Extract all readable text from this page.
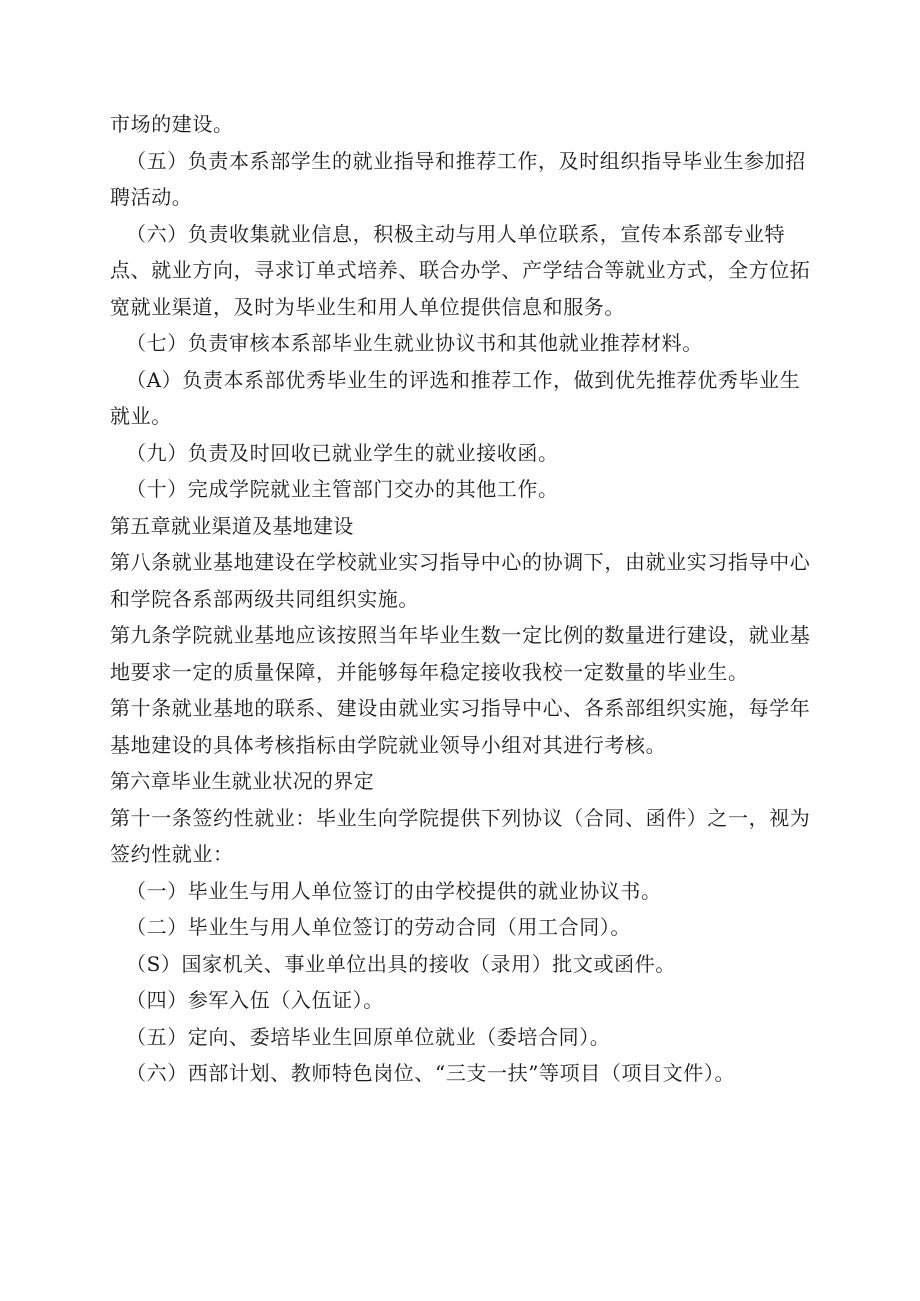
市场的建设。

（五）负责本系部学生的就业指导和推荐工作，及时组织指导毕业生参加招聘活动。

（六）负责收集就业信息，积极主动与用人单位联系，宣传本系部专业特点、就业方向，寻求订单式培养、联合办学、产学结合等就业方式，全方位拓宽就业渠道，及时为毕业生和用人单位提供信息和服务。

（七）负责审核本系部毕业生就业协议书和其他就业推荐材料。

（A）负责本系部优秀毕业生的评选和推荐工作，做到优先推荐优秀毕业生就业。

（九）负责及时回收已就业学生的就业接收函。

（十）完成学院就业主管部门交办的其他工作。

第五章就业渠道及基地建设

第八条就业基地建设在学校就业实习指导中心的协调下，由就业实习指导中心和学院各系部两级共同组织实施。

第九条学院就业基地应该按照当年毕业生数一定比例的数量进行建设，就业基地要求一定的质量保障，并能够每年稳定接收我校一定数量的毕业生。

第十条就业基地的联系、建设由就业实习指导中心、各系部组织实施，每学年基地建设的具体考核指标由学院就业领导小组对其进行考核。

第六章毕业生就业状况的界定

第十一条签约性就业：毕业生向学院提供下列协议（合同、函件）之一，视为签约性就业：

（一）毕业生与用人单位签订的由学校提供的就业协议书。

（二）毕业生与用人单位签订的劳动合同（用工合同）。

（S）国家机关、事业单位出具的接收（录用）批文或函件。

（四）参军入伍（入伍证）。

（五）定向、委培毕业生回原单位就业（委培合同）。

（六）西部计划、教师特色岗位、“三支一扶”等项目（项目文件）。
